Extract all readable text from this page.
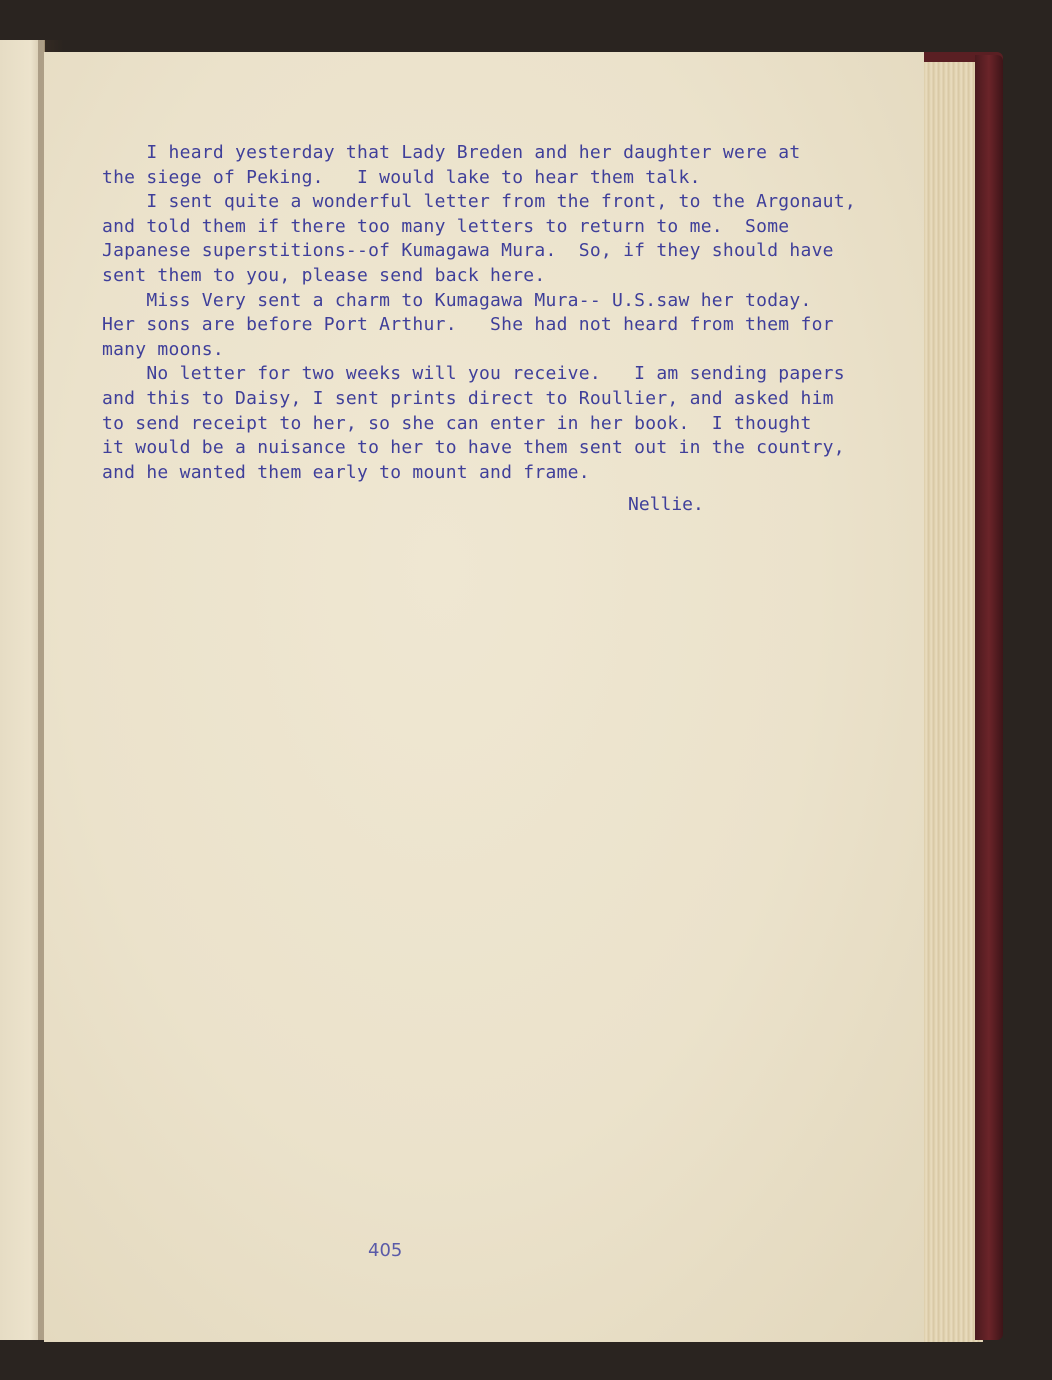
I heard yesterday that Lady Breden and her daughter were at

the siege of Peking.   I would lake to hear them talk.

I sent quite a wonderful letter from the front, to the Argonaut,

and told them if there too many letters to return to me.  Some

Japanese superstitions--of Kumagawa Mura.  So, if they should have

sent them to you, please send back here.

Miss Very sent a charm to Kumagawa Mura-- U.S.saw her today.

Her sons are before Port Arthur.   She had not heard from them for

many moons.

No letter for two weeks will you receive.   I am sending papers

and this to Daisy, I sent prints direct to Roullier, and asked him

to send receipt to her, so she can enter in her book.  I thought

it would be a nuisance to her to have them sent out in the country,

and he wanted them early to mount and frame.

Nellie.
405
